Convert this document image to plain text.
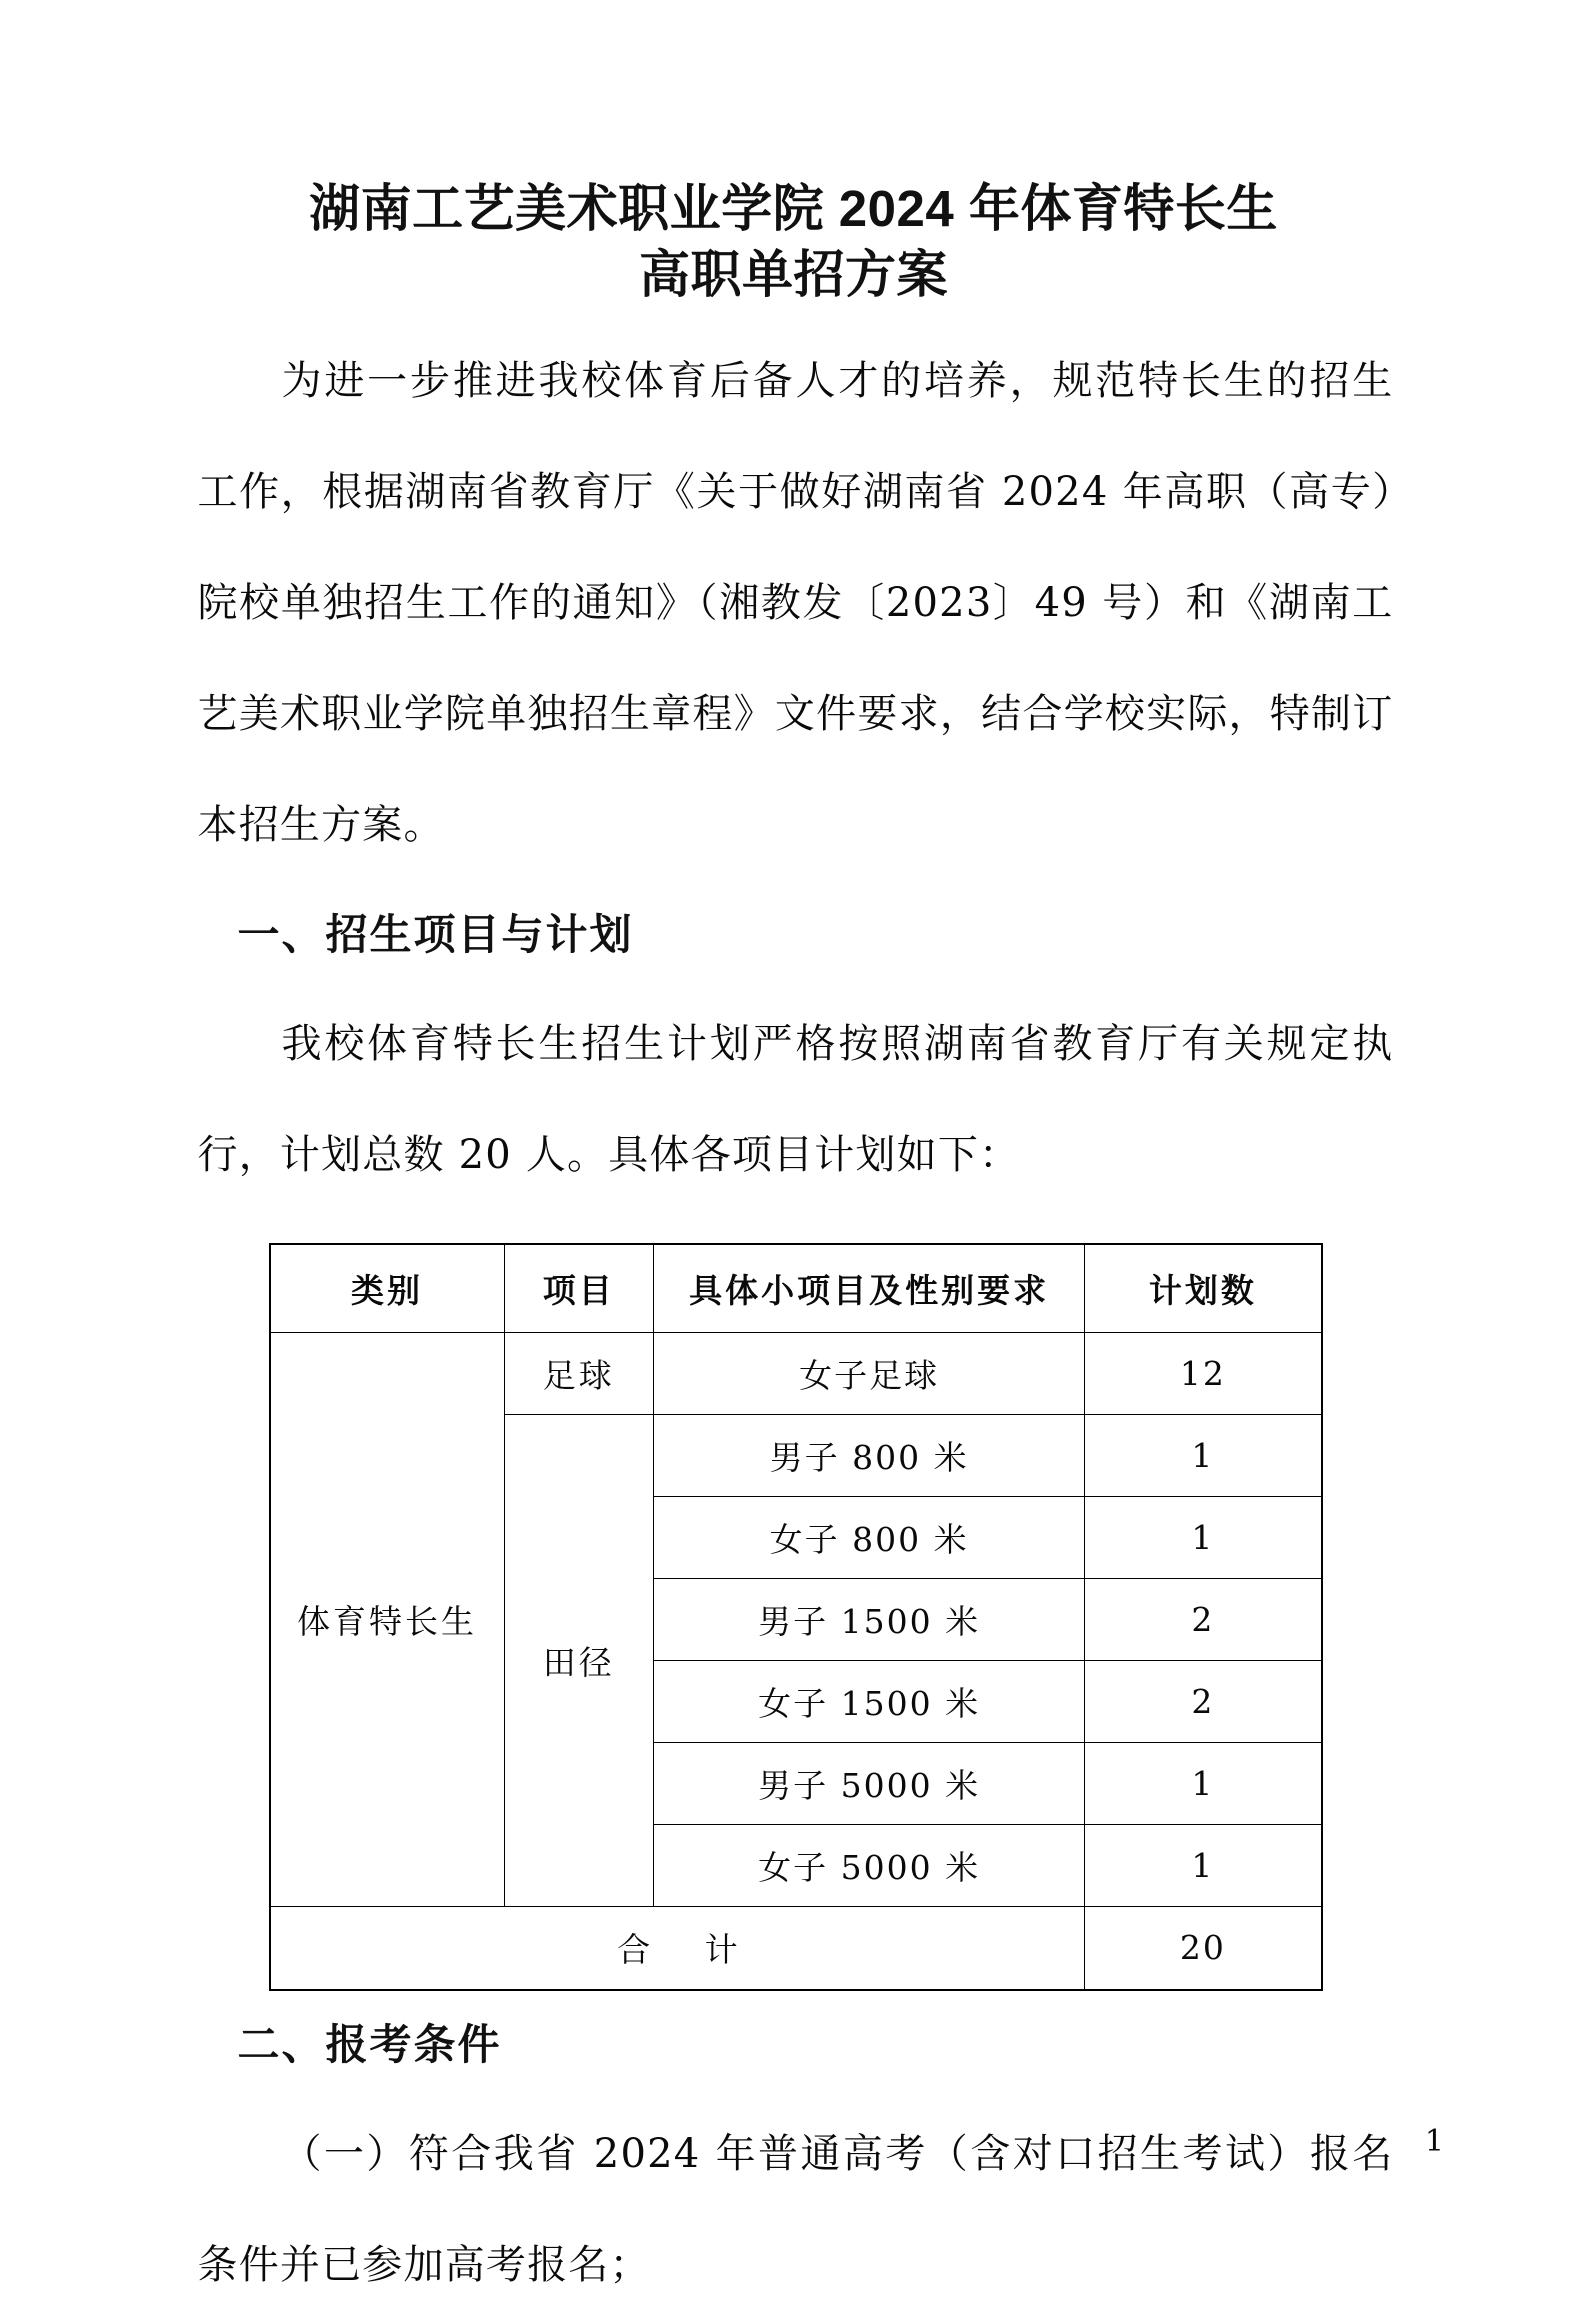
湖南工艺美术职业学院 2024 年体育特长生
高职单招方案

为进一步推进我校体育后备人才的培养，规范特长生的招生工作，根据湖南省教育厅《关于做好湖南省 2024 年高职（高专）院校单独招生工作的通知》（湘教发〔2023〕49 号）和《湖南工艺美术职业学院单独招生章程》文件要求，结合学校实际，特制订本招生方案。

一、招生项目与计划

我校体育特长生招生计划严格按照湖南省教育厅有关规定执行，计划总数 20 人。具体各项目计划如下：

类别	项目	具体小项目及性别要求	计划数
体育特长生	足球	女子足球	12
	田径	男子 800 米	1
		女子 800 米	1
		男子 1500 米	2
		女子 1500 米	2
		男子 5000 米	1
		女子 5000 米	1
合 计			20
二、报考条件

（一）符合我省 2024 年普通高考（含对口招生考试）报名条件并已参加高考报名；

1
